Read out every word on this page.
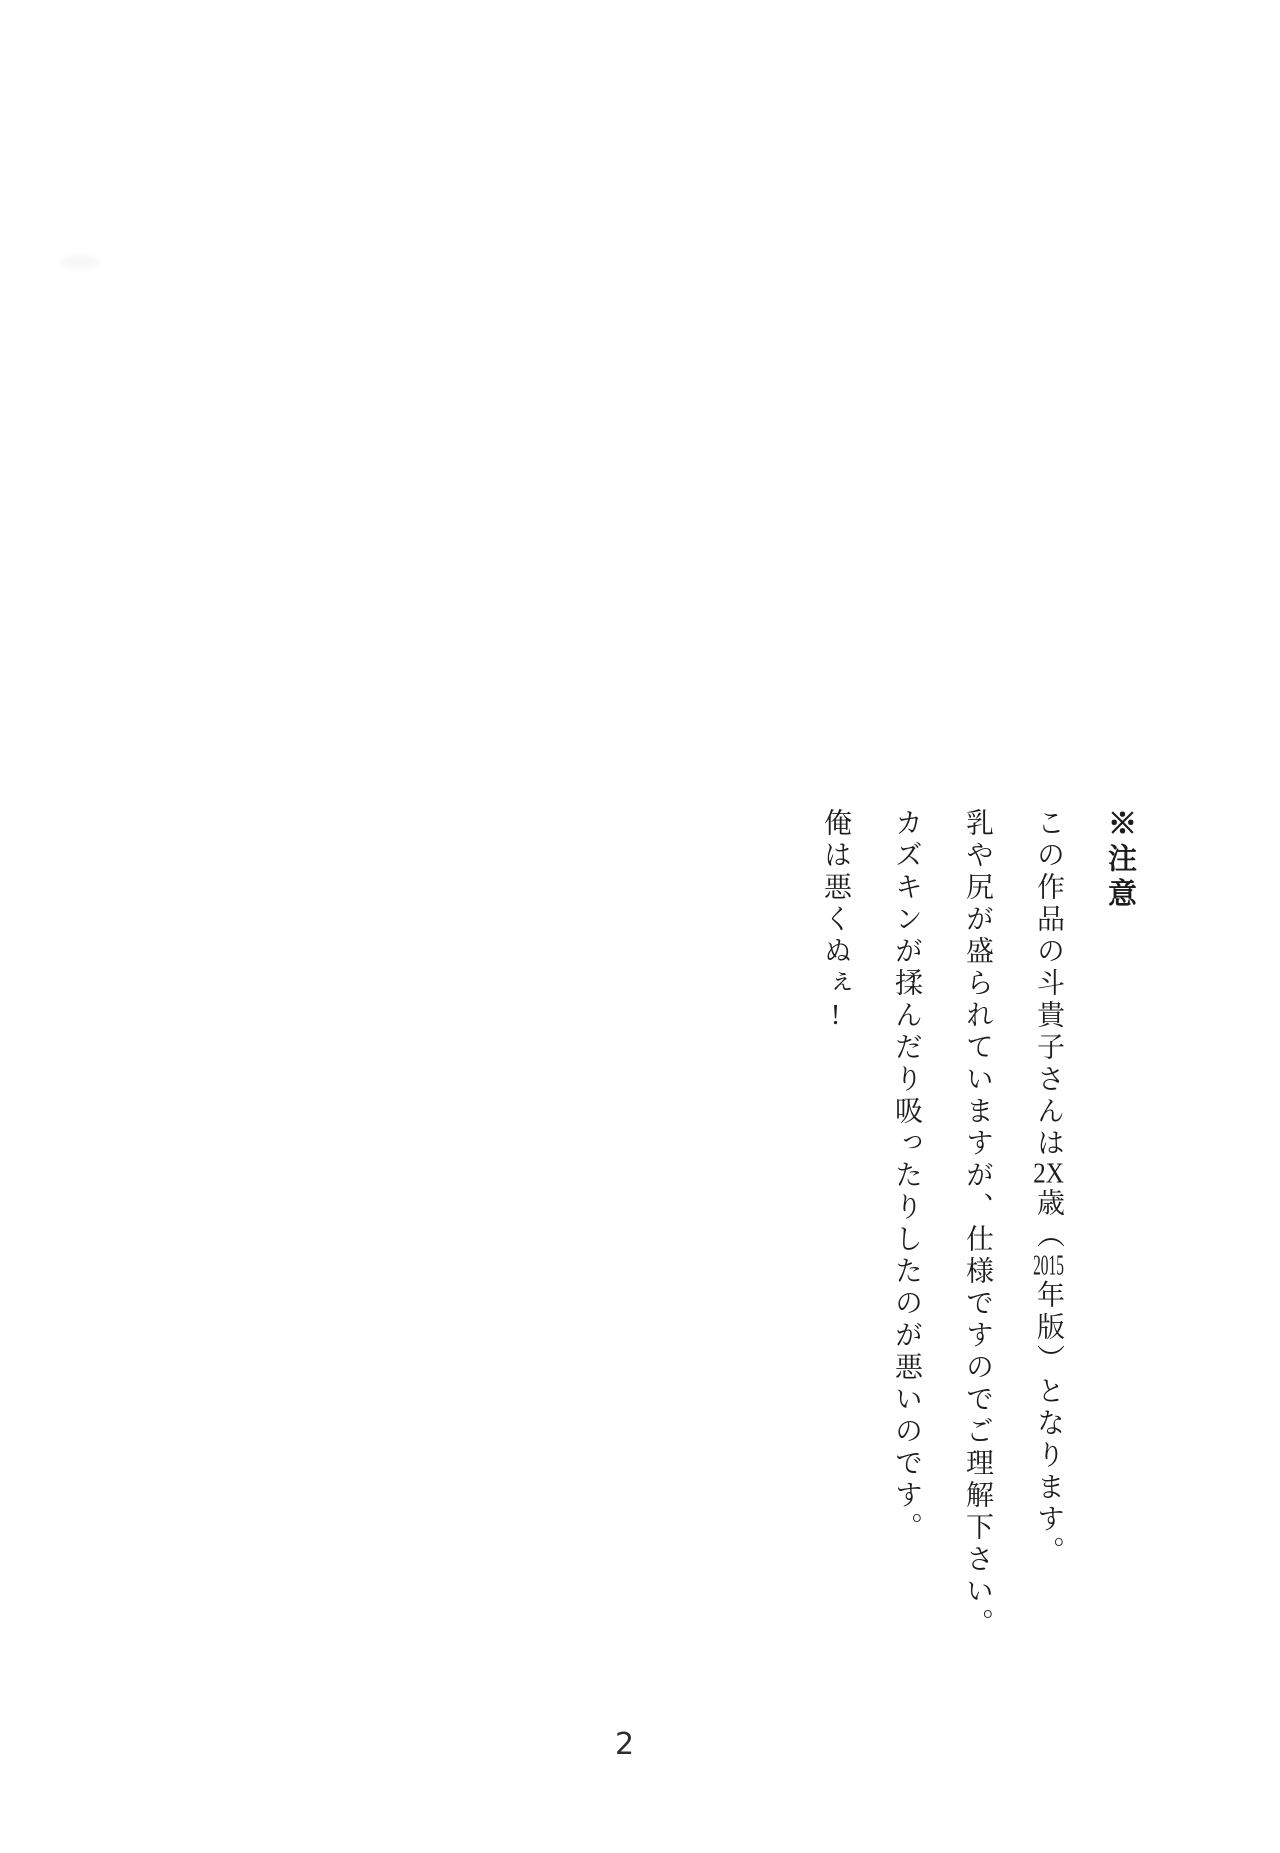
※注意

この作品の斗貴子さんは2X歳︵2015年版︶となります。

乳や尻が盛られていますが、仕様ですのでご理解下さい。

カズキンが揉んだり吸ったりしたのが悪いのです。

俺は悪くぬぇ!

2
